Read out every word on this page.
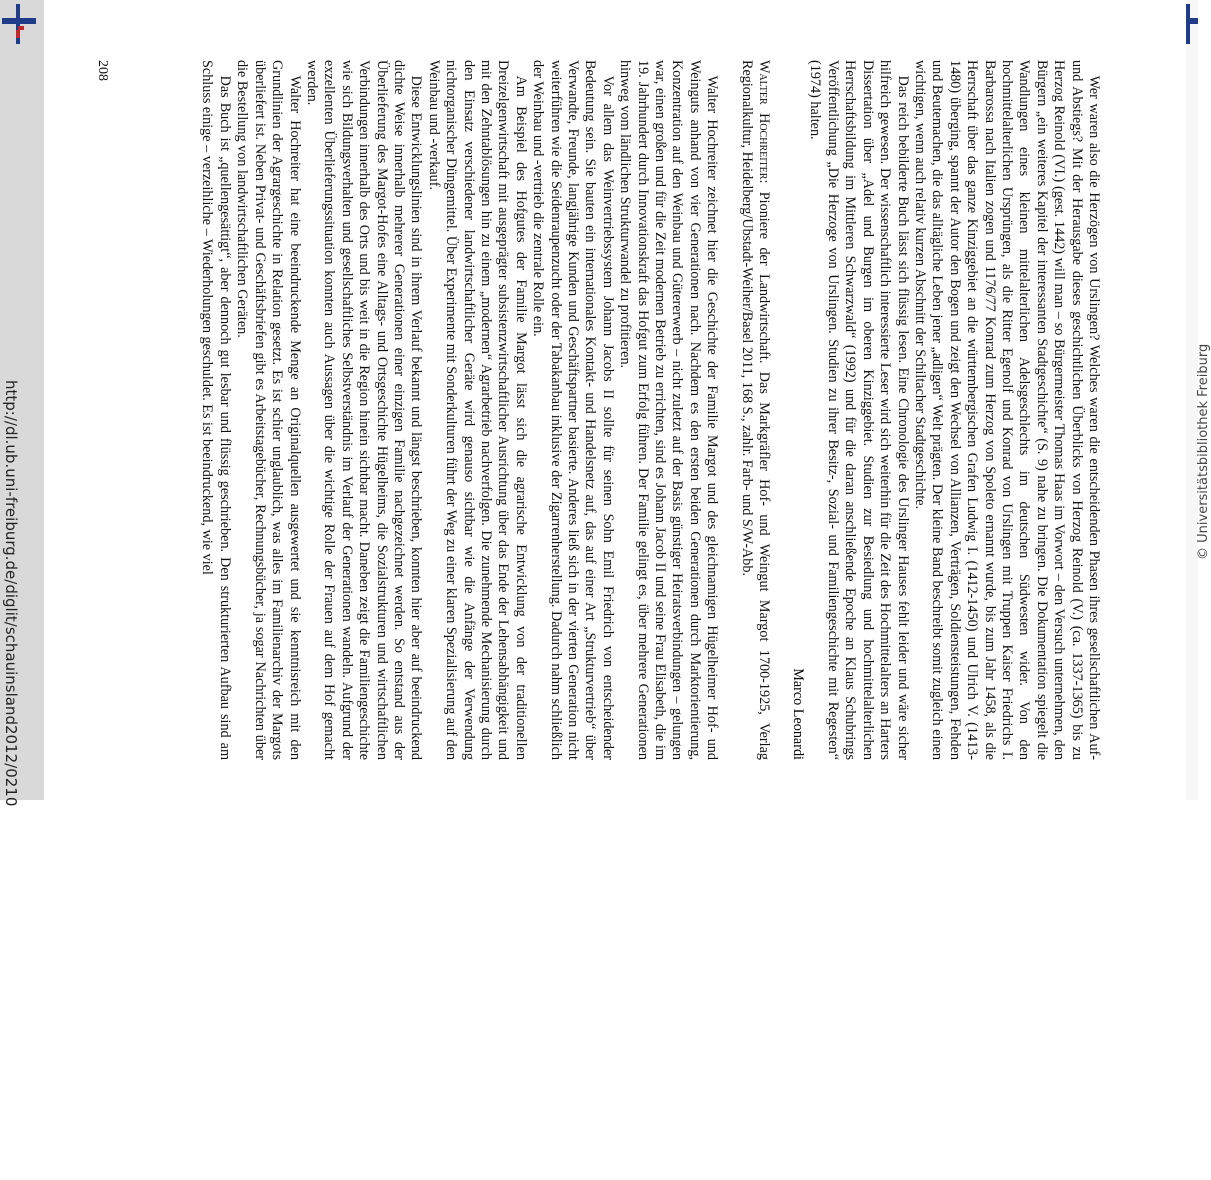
http://dl.ub.uni-freiburg.de/diglit/schauinsland2012/0210	© Universitätsbibliothek Freiburg

Wer waren also die Herzögen von Urslingen? Welches waren die entscheidenden Phasen ihres gesellschaftlichen Auf- und Abstiegs? Mit der Herausgabe dieses geschichtlichen Überblicks von Herzog Reinold (V.) (ca. 1337-1365) bis zu Herzog Reinold (VI.) (gest. 1442) will man – so Bürgermeister Thomas Haas im Vorwort – den Versuch unternehmen, den Bürgern „ein weiteres Kapitel der interessanten Stadtgeschichte“ (S. 9) nahe zu bringen. Die Dokumentation spiegelt die Wandlungen eines kleinen mittelalterlichen Adelsgeschlechts im deutschen Südwesten wider. Von den hochmittelalterlichen Ursprüngen, als die Ritter Egenolf und Konrad von Urslingen mit Truppen Kaiser Friedrichs I. Barbarossa nach Italien zogen und 1176/77 Konrad zum Herzog von Spoleto ernannt wurde, bis zum Jahr 1458, als die Herrschaft über das ganze Kinziggebiet an die württembergischen Grafen Ludwig I. (1412-1450) und Ulrich V. (1413-1480) überging, spannt der Autor den Bogen und zeigt den Wechsel von Allianzen, Verträgen, Soldiensteistungen, Fehden und Beutemachen, die das alltägliche Leben jener „adligen“ Welt prägten. Der kleine Band beschreibt somit zugleich einen wichtigen, wenn auch relativ kurzen Abschnitt der Schiltacher Stadtgeschichte.

Das reich bebilderte Buch lässt sich flüssig lesen. Eine Chronologie des Urslinger Hauses fehlt leider und wäre sicher hilfreich gewesen. Der wissenschaftlich interessierte Leser wird sich weiterhin für die Zeit des Hochmittelalters an Harters Dissertation über „Adel und Burgen im oberen Kinziggebiet. Studien zur Besiedlung und hochmittelalterlichen Herrschaftsbildung im Mittleren Schwarzwald“ (1992) und für die daran anschließende Epoche an Klaus Schubrings Veröffentlichung „Die Herzoge von Urslingen. Studien zu ihrer Besitz-, Sozial- und Familiengeschichte mit Regesten“ (1974) halten.

Marco Leonardi

Walter Hochreiter: Pioniere der Landwirtschaft. Das Markgräfler Hof- und Weingut Margot 1700-1925, Verlag Regionalkultur, Heidelberg/Ubstadt-Weiher/Basel 2011, 168 S., zahlr. Farb- und S/W-Abb.

Walter Hochreiter zeichnet hier die Geschichte der Familie Margot und des gleichnamigen Hügelheimer Hof- und Weinguts anhand von vier Generationen nach. Nachdem es den ersten beiden Generationen durch Marktorientierung, Konzentration auf den Weinbau und Gütererwerb – nicht zuletzt auf der Basis günstiger Heiratsverbindungen – gelungen war, einen großen und für die Zeit modernen Betrieb zu errichten, sind es Johann Jacob II und seine Frau Elisabeth, die im 19. Jahrhundert durch Innovationskraft das Hofgut zum Erfolg führen. Der Familie gelingt es, über mehrere Generationen hinweg vom ländlichen Strukturwandel zu profitieren.

Vor allem das Weinvertriebssystem Johann Jacobs II sollte für seinen Sohn Emil Friedrich von entscheidender Bedeutung sein. Sie bauten ein internationales Kontakt- und Handelsnetz auf, das auf einer Art „Strukturvertrieb“ über Verwandte, Freunde, langjährige Kunden und Geschäftspartner basierte. Anderes ließ sich in der vierten Generation nicht weiterführen wie die Seidenraupenzucht oder der Tabakanbau inklusive der Zigarrenherstellung. Dadurch nahm schließlich der Weinbau und -vertrieb die zentrale Rolle ein.

Am Beispiel des Hofgutes der Familie Margot lässt sich die agrarische Entwicklung von der traditionellen Dreizelgenwirtschaft mit ausgeprägter subsistenzwirtschaftlicher Ausrichtung über das Ende der Lehensabhängigkeit und mit den Zehntablösungen hin zu einem „modernen“ Agrarbetrieb nachverfolgen. Die zunehmende Mechanisierung durch den Einsatz verschiedener landwirtschaftlicher Geräte wird genauso sichtbar wie die Anfänge der Verwendung nichtorganischer Düngemittel. Über Experimente mit Sonderkulturen führt der Weg zu einer klaren Spezialisierung auf den Weinbau und -verkauf.

Diese Entwicklungslinien sind in ihrem Verlauf bekannt und längst beschrieben, konnten hier aber auf beeindruckend dichte Weise innerhalb mehrerer Generationen einer einzigen Familie nachgezeichnet werden. So entstand aus der Überlieferung des Margot-Hofes eine Alltags- und Ortsgeschichte Hügelheims, die Sozialstrukturen und wirtschaftlichen Verbindungen innerhalb des Orts und bis weit in die Region hinein sichtbar macht. Daneben zeigt die Familiengeschichte wie sich Bildungsverhalten und gesellschaftliches Selbstverständnis im Verlauf der Generationen wandeln. Aufgrund der exzellenten Überlieferungssituation konnten auch Aussagen über die wichtige Rolle der Frauen auf dem Hof gemacht werden.

Walter Hochreiter hat eine beeindruckende Menge an Originalquellen ausgewertet und sie kenntnisreich mit den Grundlinien der Agrargeschichte in Relation gesetzt. Es ist schier unglaublich, was alles im Familienarchiv der Margots überliefert ist. Neben Privat- und Geschäftsbriefen gibt es Arbeitstagebücher, Rechnungsbücher, ja sogar Nachrichten über die Bestellung von landwirtschaftlichen Geräten.

Das Buch ist „quellengesättigt“, aber dennoch gut lesbar und flüssig geschrieben. Den strukturierten Aufbau sind am Schluss einige – verzeihliche – Wiederholungen geschuldet. Es ist beeindruckend, wie viel

208
